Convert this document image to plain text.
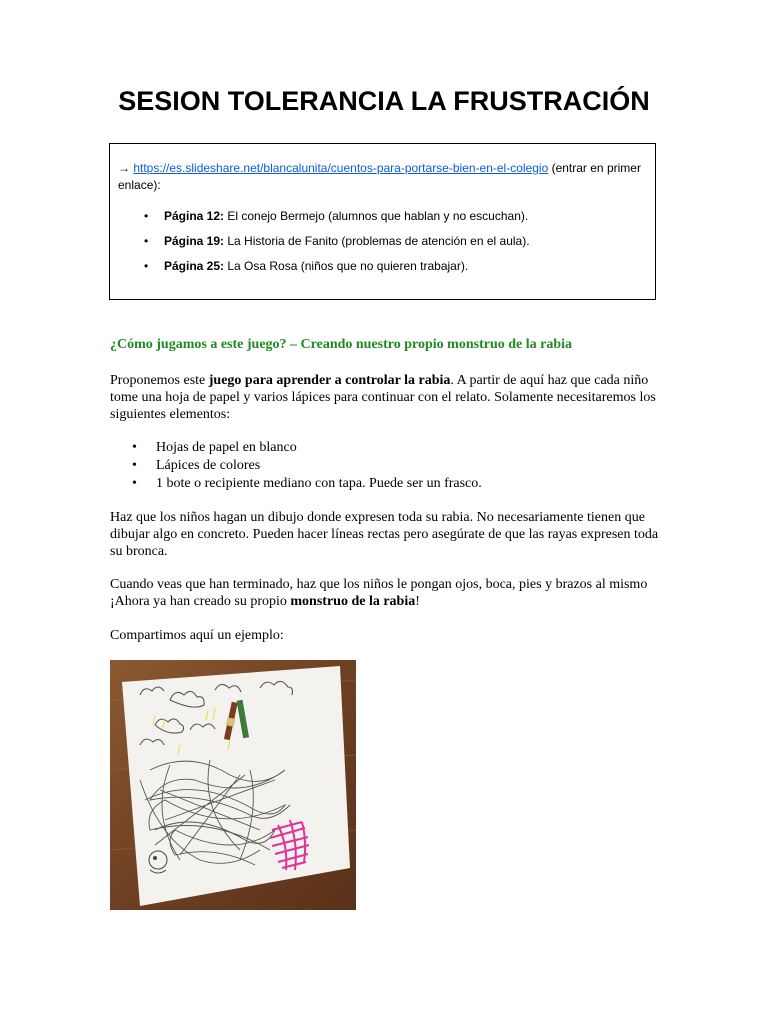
SESION TOLERANCIA LA FRUSTRACIÓN
→ https://es.slideshare.net/blancalunita/cuentos-para-portarse-bien-en-el-colegio (entrar en primer enlace):
• Página 12: El conejo Bermejo (alumnos que hablan y no escuchan).
• Página 19: La Historia de Fanito (problemas de atención en el aula).
• Página 25: La Osa Rosa (niños que no quieren trabajar).

¿Cómo jugamos a este juego? – Creando nuestro propio monstruo de la rabia

Proponemos este juego para aprender a controlar la rabia. A partir de aquí haz que cada niño tome una hoja de papel y varios lápices para continuar con el relato. Solamente necesitaremos los siguientes elementos:

• Hojas de papel en blanco
• Lápices de colores
• 1 bote o recipiente mediano con tapa. Puede ser un frasco.

Haz que los niños hagan un dibujo donde expresen toda su rabia. No necesariamente tienen que dibujar algo en concreto. Pueden hacer líneas rectas pero asegúrate de que las rayas expresen toda su bronca.

Cuando veas que han terminado, haz que los niños le pongan ojos, boca, pies y brazos al mismo ¡Ahora ya han creado su propio monstruo de la rabia!

Compartimos aquí un ejemplo:
